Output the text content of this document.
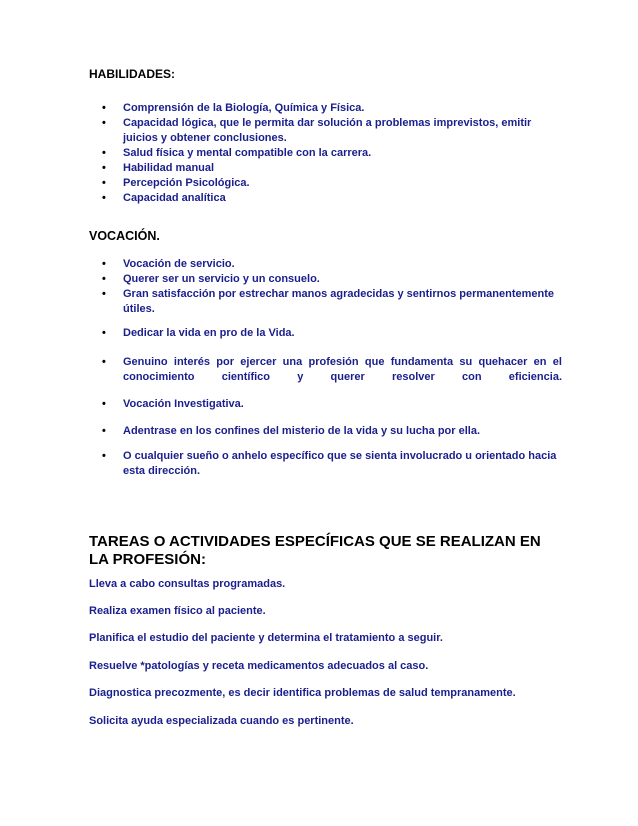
HABILIDADES:
• Comprensión de la Biología, Química y Física.
• Capacidad lógica, que le permita dar solución a problemas imprevistos, emitir juicios y obtener conclusiones.
• Salud física y mental compatible con la carrera.
• Habilidad manual
• Percepción Psicológica.
• Capacidad analítica
VOCACIÓN.
• Vocación de servicio.
• Querer ser un servicio y un consuelo.
• Gran satisfacción por estrechar manos agradecidas y sentirnos permanentemente útiles.
• Dedicar la vida en pro de la Vida.
• Genuino interés por ejercer una profesión que fundamenta su quehacer en el
conocimiento científico y querer resolver con eficiencia.
• Vocación Investigativa.
• Adentrase en los confines del misterio de la vida y su lucha por ella.
• O cualquier sueño o anhelo específico que se sienta involucrado u orientado hacia esta dirección.
TAREAS O ACTIVIDADES ESPECÍFICAS QUE SE REALIZAN EN LA PROFESIÓN:
Lleva a cabo consultas programadas.
Realiza examen físico al paciente.
Planifica el estudio del paciente y determina el tratamiento a seguir.
Resuelve *patologías y receta medicamentos adecuados al caso.
Diagnostica precozmente, es decir identifica problemas de salud tempranamente.
Solicita ayuda especializada cuando es pertinente.
